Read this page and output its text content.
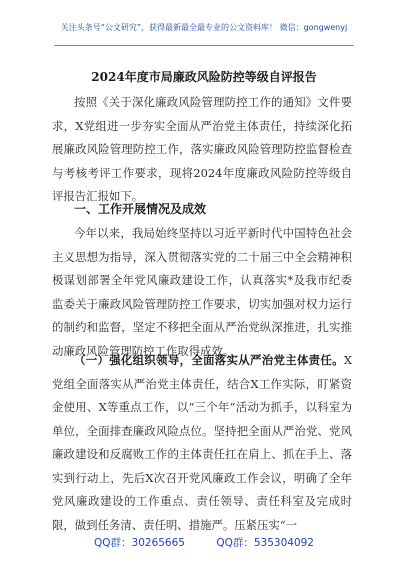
关注头条号“公文研究”，获得最新最全最专业的公文资料库！ 微信：gongwenyj
2024年度市局廉政风险防控等级自评报告
按照《关于深化廉政风险管理防控工作的通知》文件要求，X党组进一步夯实全面从严治党主体责任，持续深化拓展廉政风险管理防控工作，落实廉政风险管理防控监督检查与考核考评工作要求，现将2024年度廉政风险防控等级自评报告汇报如下。
一、工作开展情况及成效
今年以来，我局始终坚持以习近平新时代中国特色社会主义思想为指导，深入贯彻落实党的二十届三中全会精神积极谋划部署全年党风廉政建设工作，认真落实*及我市纪委监委关于廉政风险管理防控工作要求，切实加强对权力运行的制约和监督，坚定不移把全面从严治党纵深推进，扎实推动廉政风险管理防控工作取得成效。
（一）强化组织领导，全面落实从严治党主体责任。X党组全面落实从严治党主体责任，结合X工作实际，盯紧资金使用、X等重点工作，以“三个年”活动为抓手，以科室为单位，全面排查廉政风险点位。坚持把全面从严治党、党风廉政建设和反腐败工作的主体责任扛在肩上、抓在手上、落实到行动上，先后X次召开党风廉政工作会议，明确了全年党风廉政建设的工作重点、责任领导、责任科室及完成时限，做到任务清、责任明、措施严。压紧压实“一
QQ群：30265665	QQ群：535304092
